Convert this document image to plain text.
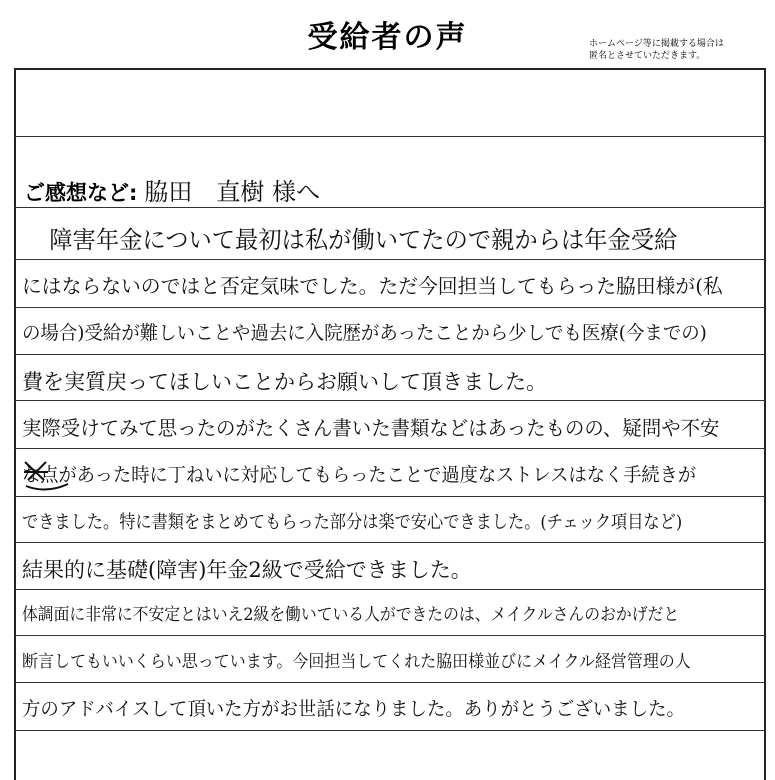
受給者の声	ホームページ等に掲載する場合は
匿名とさせていただきます。
ご感想など: 脇田　直樹 様へ
　障害年金について最初は私が働いてたので親からは年金受給
にはならないのではと否定気味でした。ただ今回担当してもらった脇田様が(私
の場合)受給が難しいことや過去に入院歴があったことから少しでも医療(今までの)
費を実質戻ってほしいことからお願いして頂きました。
実際受けてみて思ったのがたくさん書いた書類などはあったものの、疑問や不安
な点があった時に丁ねいに対応してもらったことで過度なストレスはなく手続きが
できました。特に書類をまとめてもらった部分は楽で安心できました。(チェック項目など)
結果的に基礎(障害)年金2級で受給できました。
体調面に非常に不安定とはいえ2級を働いている人ができたのは、メイクルさんのおかげだと
断言してもいいくらい思っています。今回担当してくれた脇田様並びにメイクル経営管理の人
方のアドバイスして頂いた方がお世話になりました。ありがとうございました。
